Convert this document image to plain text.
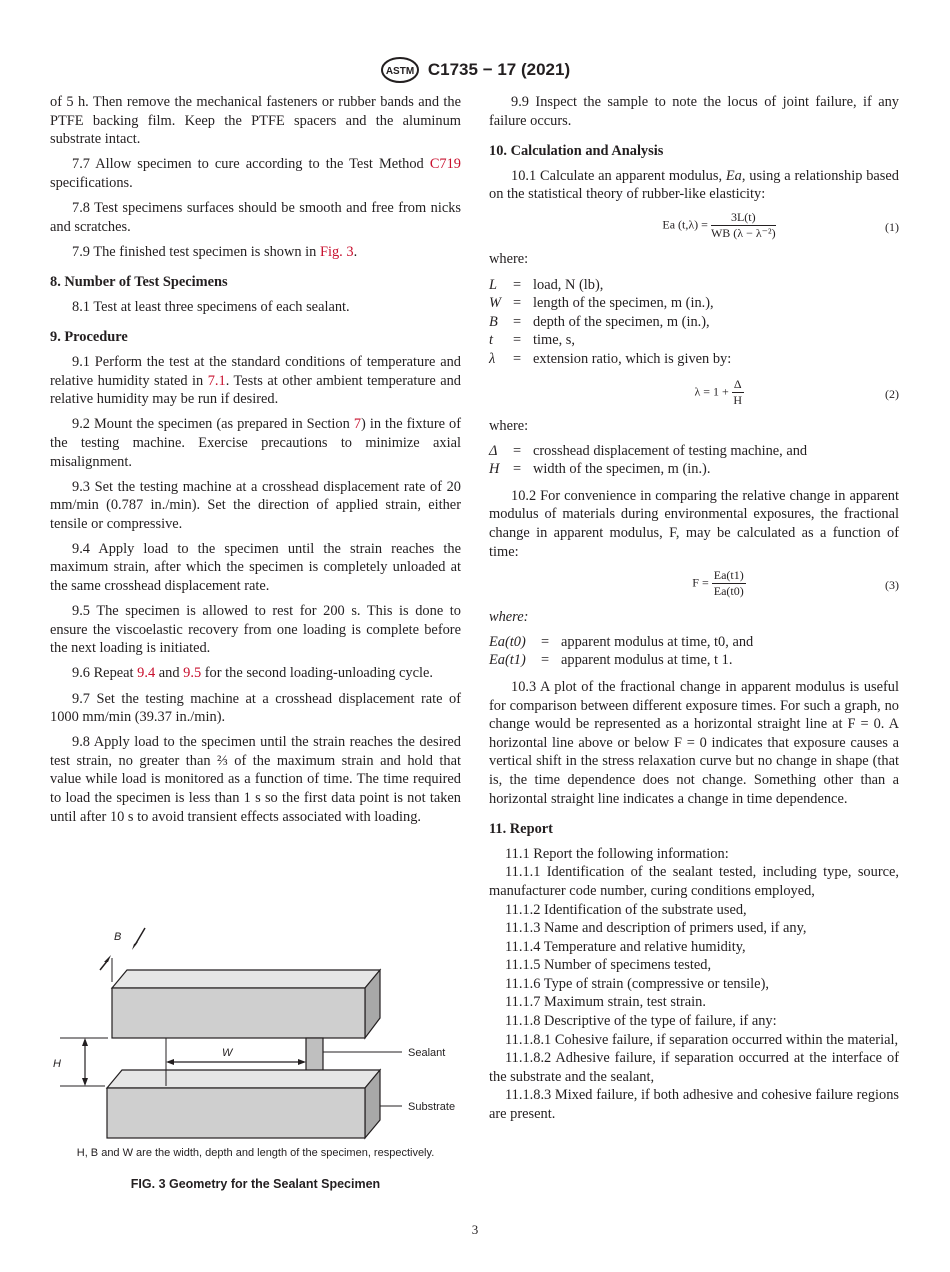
ASTM C1735 − 17 (2021)

of 5 h. Then remove the mechanical fasteners or rubber bands and the PTFE backing film. Keep the PTFE spacers and the aluminum substrate intact.

7.7 Allow specimen to cure according to the Test Method C719 specifications.

7.8 Test specimens surfaces should be smooth and free from nicks and scratches.

7.9 The finished test specimen is shown in Fig. 3.

8. Number of Test Specimens

8.1 Test at least three specimens of each sealant.

9. Procedure

9.1 Perform the test at the standard conditions of temperature and relative humidity stated in 7.1. Tests at other ambient temperature and relative humidity may be run if desired.

9.2 Mount the specimen (as prepared in Section 7) in the fixture of the testing machine. Exercise precautions to minimize axial misalignment.

9.3 Set the testing machine at a crosshead displacement rate of 20 mm/min (0.787 in./min). Set the direction of applied strain, either tensile or compressive.

9.4 Apply load to the specimen until the strain reaches the maximum strain, after which the specimen is completely unloaded at the same crosshead displacement rate.

9.5 The specimen is allowed to rest for 200 s. This is done to ensure the viscoelastic recovery from one loading is complete before the next loading is initiated.

9.6 Repeat 9.4 and 9.5 for the second loading-unloading cycle.

9.7 Set the testing machine at a crosshead displacement rate of 1000 mm/min (39.37 in./min).

9.8 Apply load to the specimen until the strain reaches the desired test strain, no greater than ⅔ of the maximum strain and hold that value while load is monitored as a function of time. The time required to load the specimen is less than 1 s so the first data point is not taken until after 10 s to avoid transient effects associated with loading.

B
W
H
Sealant
Substrate
H, B and W are the width, depth and length of the specimen, respectively.
FIG. 3 Geometry for the Sealant Specimen

9.9 Inspect the sample to note the locus of joint failure, if any failure occurs.

10. Calculation and Analysis

10.1 Calculate an apparent modulus, Ea, using a relationship based on the statistical theory of rubber-like elasticity:

Ea $(t,\lambda) = \frac{3L(t)}{\text{WB (λ − λ⁻²)}}$	(1)

where:

L	= load, N (lb),
W = length of the specimen, m (in.),
B	= depth of the specimen, m (in.),
t	= time, s,
λ	= extension ratio, which is given by:
$\lambda = 1 + \frac{\Delta}{H}$	(2)

where:

Δ	= crosshead displacement of testing machine, and
H = width of the specimen, m (in.).

10.2 For convenience in comparing the relative change in apparent modulus of materials during environmental exposures, the fractional change in apparent modulus, F, may be calculated as a function of time:

$F = \frac{Ea(t1)}{Ea(t0)}$	(3)

where:

Ea(t0)	= apparent modulus at time, t0, and
Ea(t1)	= apparent modulus at time, t 1.

10.3 A plot of the fractional change in apparent modulus is useful for comparison between different exposure times. For such a graph, no change would be represented as a horizontal straight line at F = 0. A horizontal line above or below F = 0 indicates that exposure causes a vertical shift in the stress relaxation curve but no change in shape (that is, the time dependence does not change. Something other than a horizontal straight line indicates a change in time dependence.

11. Report

11.1 Report the following information:

11.1.1 Identification of the sealant tested, including type, source, manufacturer code number, curing conditions employed,

11.1.2 Identification of the substrate used,

11.1.3 Name and description of primers used, if any,

11.1.4 Temperature and relative humidity,

11.1.5 Number of specimens tested,

11.1.6 Type of strain (compressive or tensile),

11.1.7 Maximum strain, test strain.

11.1.8 Descriptive of the type of failure, if any:

11.1.8.1 Cohesive failure, if separation occurred within the material,

11.1.8.2 Adhesive failure, if separation occurred at the interface of the substrate and the sealant,

11.1.8.3 Mixed failure, if both adhesive and cohesive failure regions are present.

3
